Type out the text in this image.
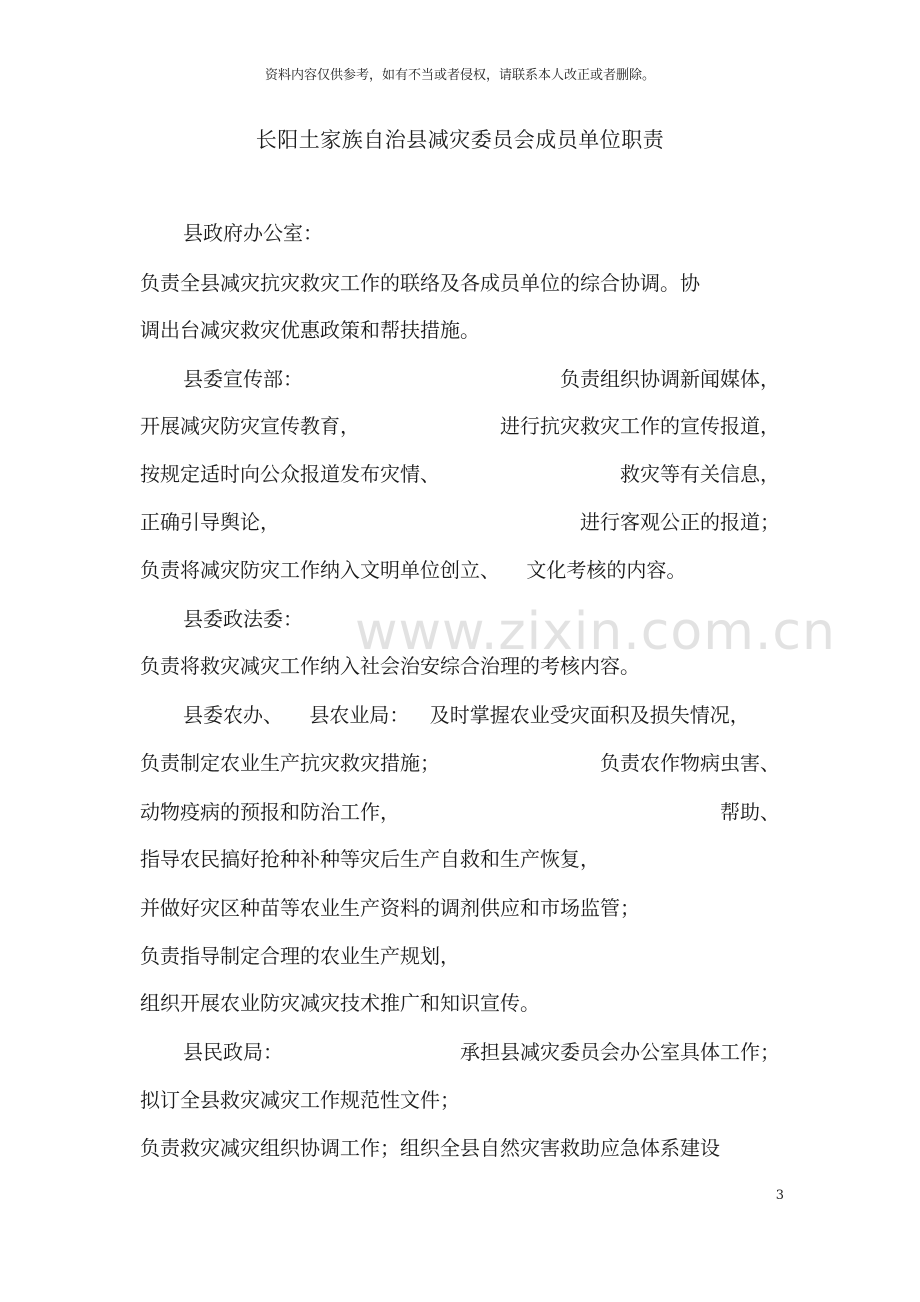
资料内容仅供参考，如有不当或者侵权，请联系本人改正或者删除。
长阳土家族自治县减灾委员会成员单位职责
www.zixin.com.cn
县政府办公室：
负责全县减灾抗灾救灾工作的联络及各成员单位的综合协调。协
调出台减灾救灾优惠政策和帮扶措施。
县委宣传部：	负责组织协调新闻媒体，
开展减灾防灾宣传教育，	进行抗灾救灾工作的宣传报道，
按规定适时向公众报道发布灾情、	救灾等有关信息，
正确引导舆论，	进行客观公正的报道；
负责将减灾防灾工作纳入文明单位创立、 文化考核的内容。
县委政法委：
负责将救灾减灾工作纳入社会治安综合治理的考核内容。
县委农办、 县农业局： 及时掌握农业受灾面积及损失情况，
负责制定农业生产抗灾救灾措施；	负责农作物病虫害、
动物疫病的预报和防治工作，	帮助、
指导农民搞好抢种补种等灾后生产自救和生产恢复，
并做好灾区种苗等农业生产资料的调剂供应和市场监管；
负责指导制定合理的农业生产规划，
组织开展农业防灾减灾技术推广和知识宣传。
县民政局：	承担县减灾委员会办公室具体工作；
拟订全县救灾减灾工作规范性文件；
负责救灾减灾组织协调工作；组织全县自然灾害救助应急体系建设
3
